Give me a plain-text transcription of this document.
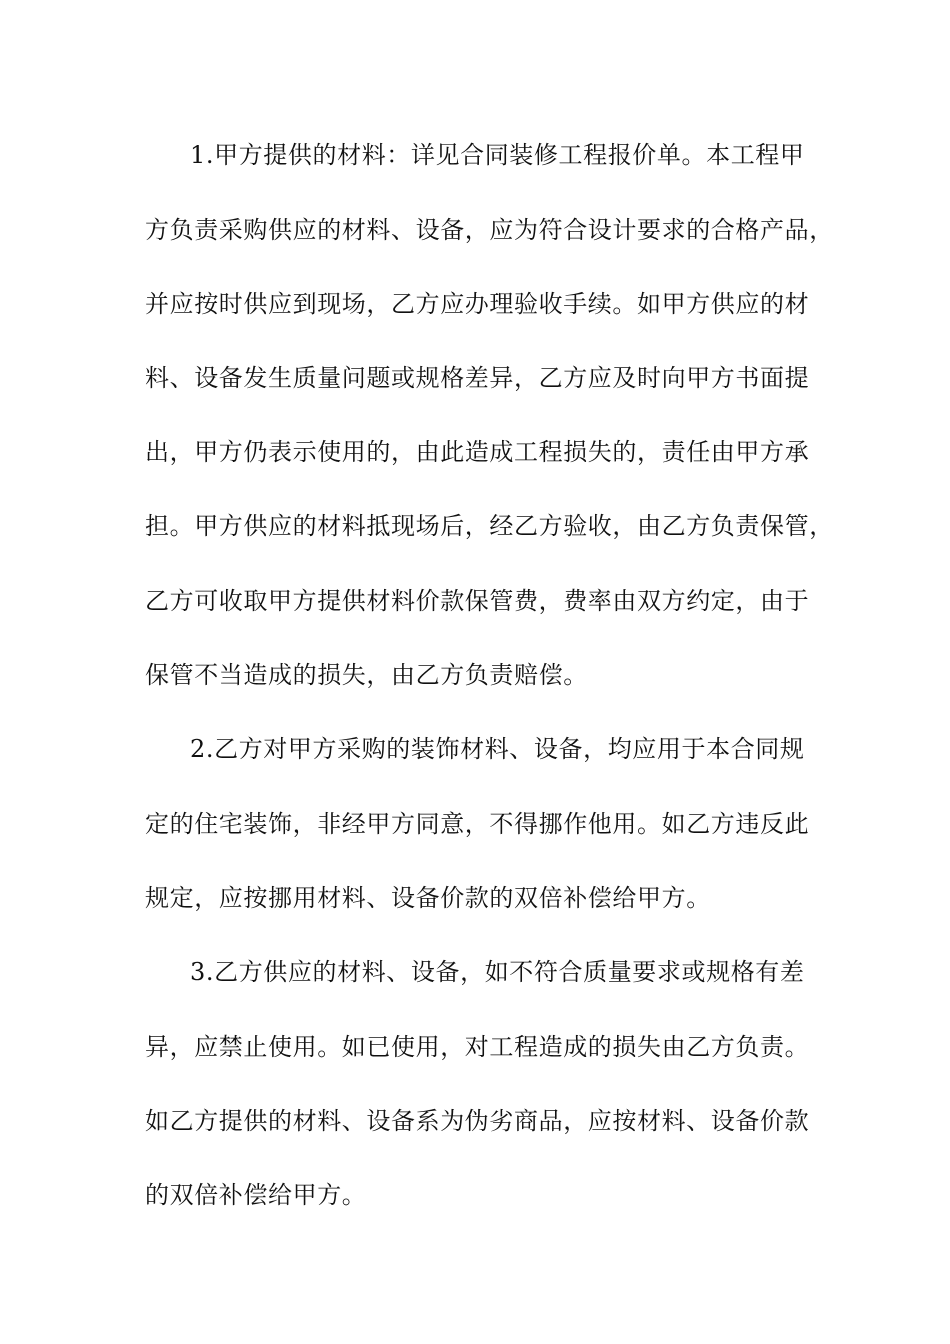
1.甲方提供的材料：详见合同装修工程报价单。本工程甲
方负责采购供应的材料、设备，应为符合设计要求的合格产品，
并应按时供应到现场，乙方应办理验收手续。如甲方供应的材
料、设备发生质量问题或规格差异，乙方应及时向甲方书面提
出，甲方仍表示使用的，由此造成工程损失的，责任由甲方承
担。甲方供应的材料抵现场后，经乙方验收，由乙方负责保管，
乙方可收取甲方提供材料价款保管费，费率由双方约定，由于
保管不当造成的损失，由乙方负责赔偿。
2.乙方对甲方采购的装饰材料、设备，均应用于本合同规
定的住宅装饰，非经甲方同意，不得挪作他用。如乙方违反此
规定，应按挪用材料、设备价款的双倍补偿给甲方。
3.乙方供应的材料、设备，如不符合质量要求或规格有差
异，应禁止使用。如已使用，对工程造成的损失由乙方负责。
如乙方提供的材料、设备系为伪劣商品，应按材料、设备价款
的双倍补偿给甲方。
